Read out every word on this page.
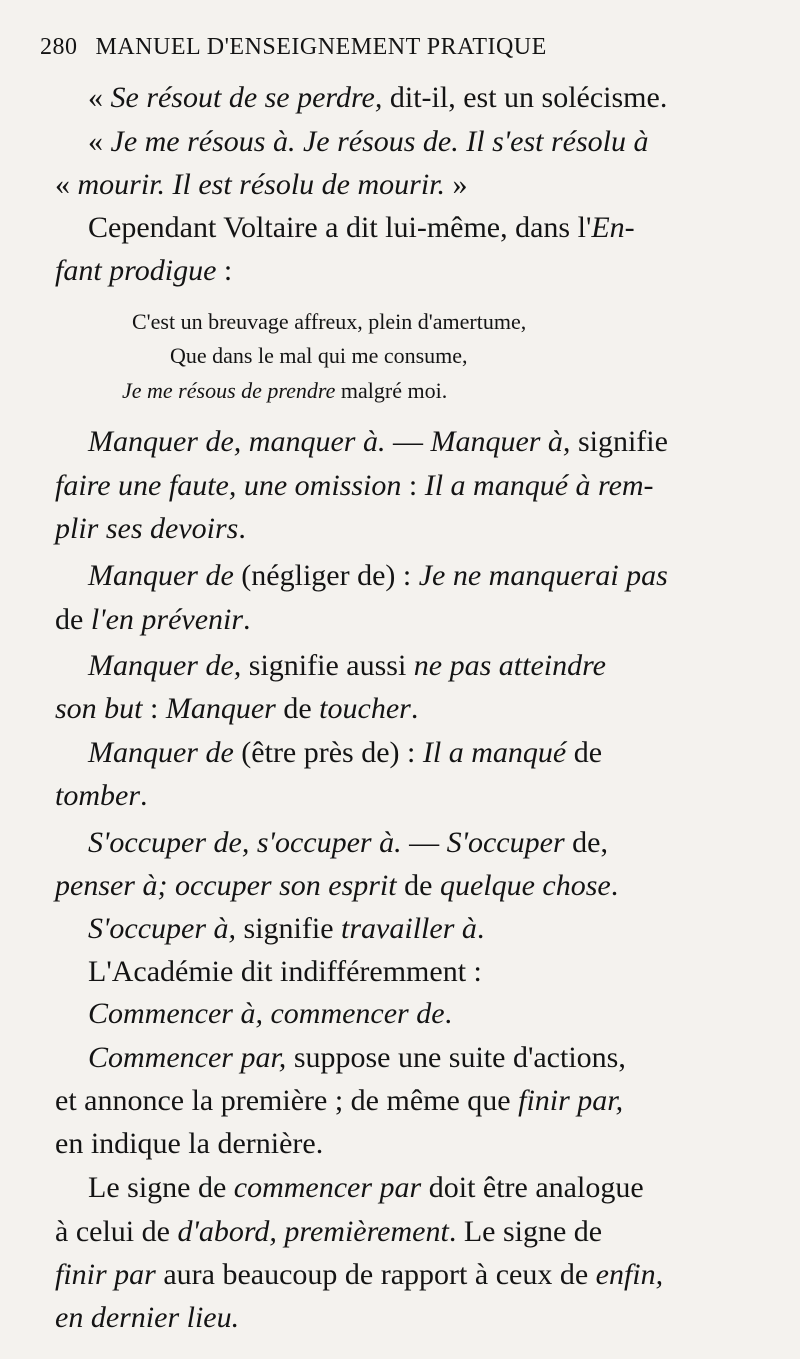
280 MANUEL D'ENSEIGNEMENT PRATIQUE
« Se résout de se perdre, dit-il, est un solécisme.
« Je me résous à. Je résous de. Il s'est résolu à
« mourir. Il est résolu de mourir. »
Cependant Voltaire a dit lui-même, dans l'En-
fant prodigue :
C'est un breuvage affreux, plein d'amertume,
Que dans le mal qui me consume,
Je me résous de prendre malgré moi.
Manquer de, manquer à. — Manquer à, signifie
faire une faute, une omission : Il a manqué à rem-
plir ses devoirs.
Manquer de (négliger de) : Je ne manquerai pas
de l'en prévenir.
Manquer de, signifie aussi ne pas atteindre
son but : Manquer de toucher.
Manquer de (être près de) : Il a manqué de
tomber.
S'occuper de, s'occuper à. — S'occuper de,
penser à; occuper son esprit de quelque chose.
S'occuper à, signifie travailler à.
L'Académie dit indifféremment :
Commencer à, commencer de.
Commencer par, suppose une suite d'actions,
et annonce la première ; de même que finir par,
en indique la dernière.
Le signe de commencer par doit être analogue
à celui de d'abord, premièrement. Le signe de
finir par aura beaucoup de rapport à ceux de enfin,
en dernier lieu.
